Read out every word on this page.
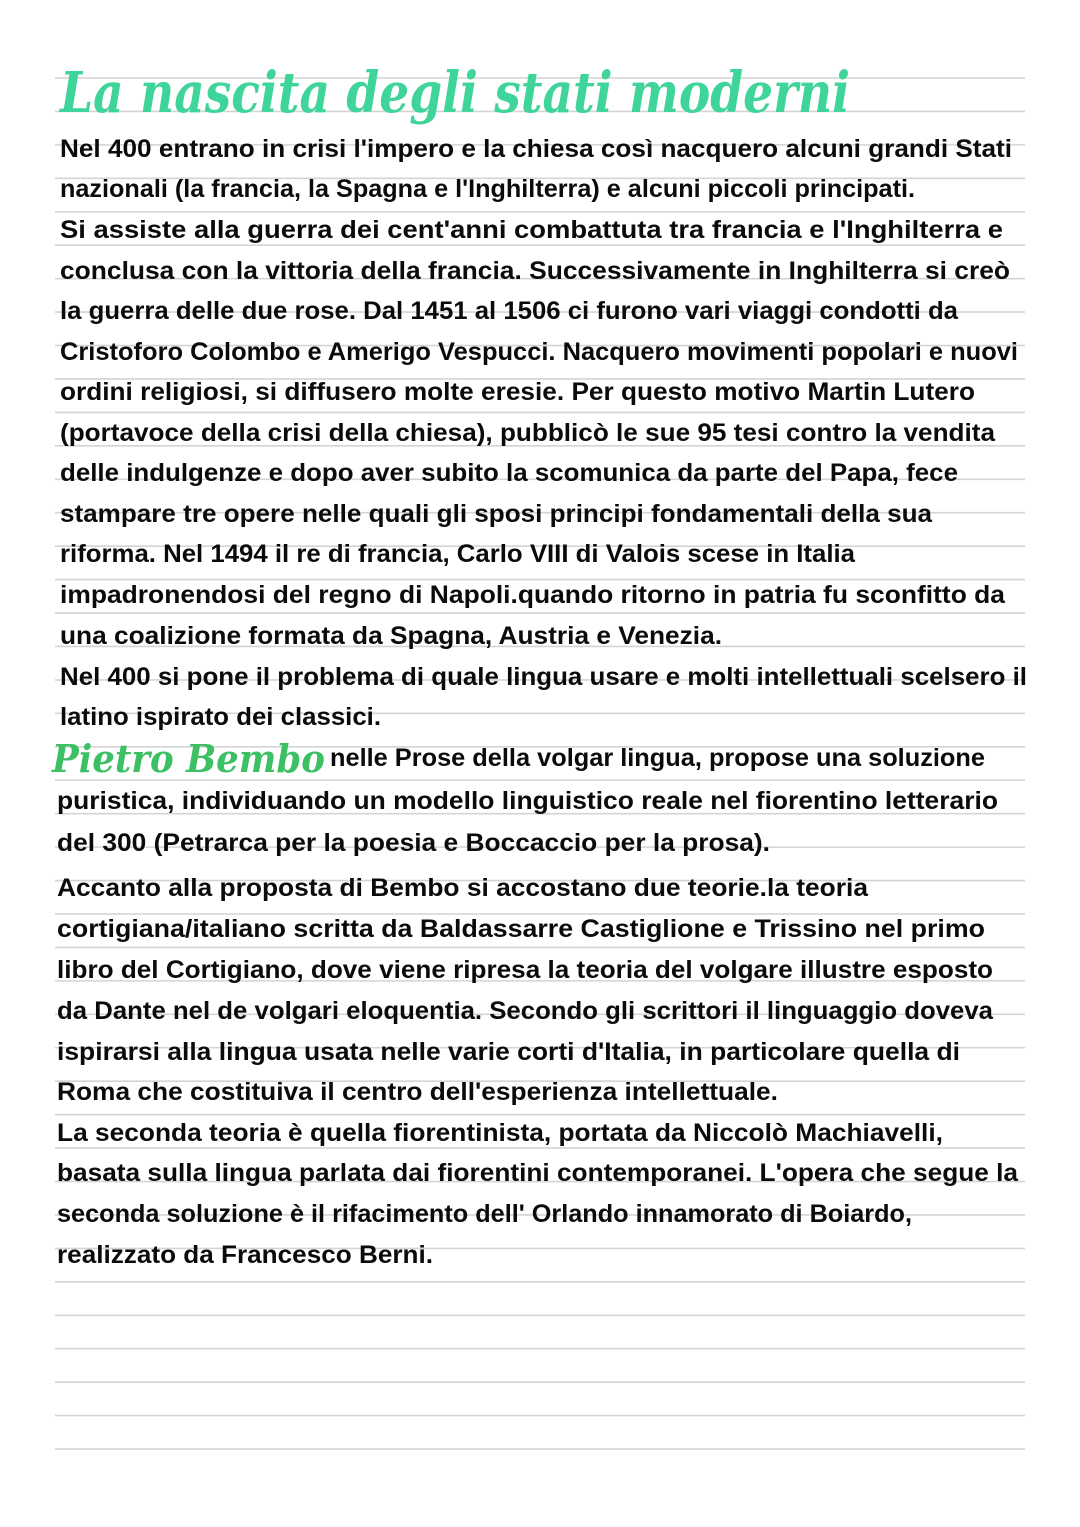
La nascita degli stati moderni
Nel 400 entrano in crisi l'impero e la chiesa così nacquero alcuni grandi Stati
nazionali (la francia, la Spagna e l'Inghilterra) e alcuni piccoli principati.
Si assiste alla guerra dei cent'anni combattuta tra francia e l'Inghilterra e
conclusa con la vittoria della francia. Successivamente in Inghilterra si creò
la guerra delle due rose. Dal 1451 al 1506 ci furono vari viaggi condotti da
Cristoforo Colombo e Amerigo Vespucci. Nacquero movimenti popolari e nuovi
ordini religiosi, si diffusero molte eresie. Per questo motivo Martin Lutero
(portavoce della crisi della chiesa), pubblicò le sue 95 tesi contro la vendita
delle indulgenze e dopo aver subito la scomunica da parte del Papa, fece
stampare tre opere nelle quali gli sposi principi fondamentali della sua
riforma. Nel 1494 il re di francia, Carlo VIII di Valois scese in Italia
impadronendosi del regno di Napoli.quando ritorno in patria fu sconfitto da
una coalizione formata da Spagna, Austria e Venezia.
Nel 400 si pone il problema di quale lingua usare e molti intellettuali scelsero il
latino ispirato dei classici.
Pietro Bembo nelle Prose della volgar lingua, propose una soluzione
puristica, individuando un modello linguistico reale nel fiorentino letterario
del 300 (Petrarca per la poesia e Boccaccio per la prosa).
Accanto alla proposta di Bembo si accostano due teorie.la teoria
cortigiana/italiano scritta da Baldassarre Castiglione e Trissino nel primo
libro del Cortigiano, dove viene ripresa la teoria del volgare illustre esposto
da Dante nel de volgari eloquentia. Secondo gli scrittori il linguaggio doveva
ispirarsi alla lingua usata nelle varie corti d'Italia, in particolare quella di
Roma che costituiva il centro dell'esperienza intellettuale.
La seconda teoria è quella fiorentinista, portata da Niccolò Machiavelli,
basata sulla lingua parlata dai fiorentini contemporanei. L'opera che segue la
seconda soluzione è il rifacimento dell' Orlando innamorato di Boiardo,
realizzato da Francesco Berni.
